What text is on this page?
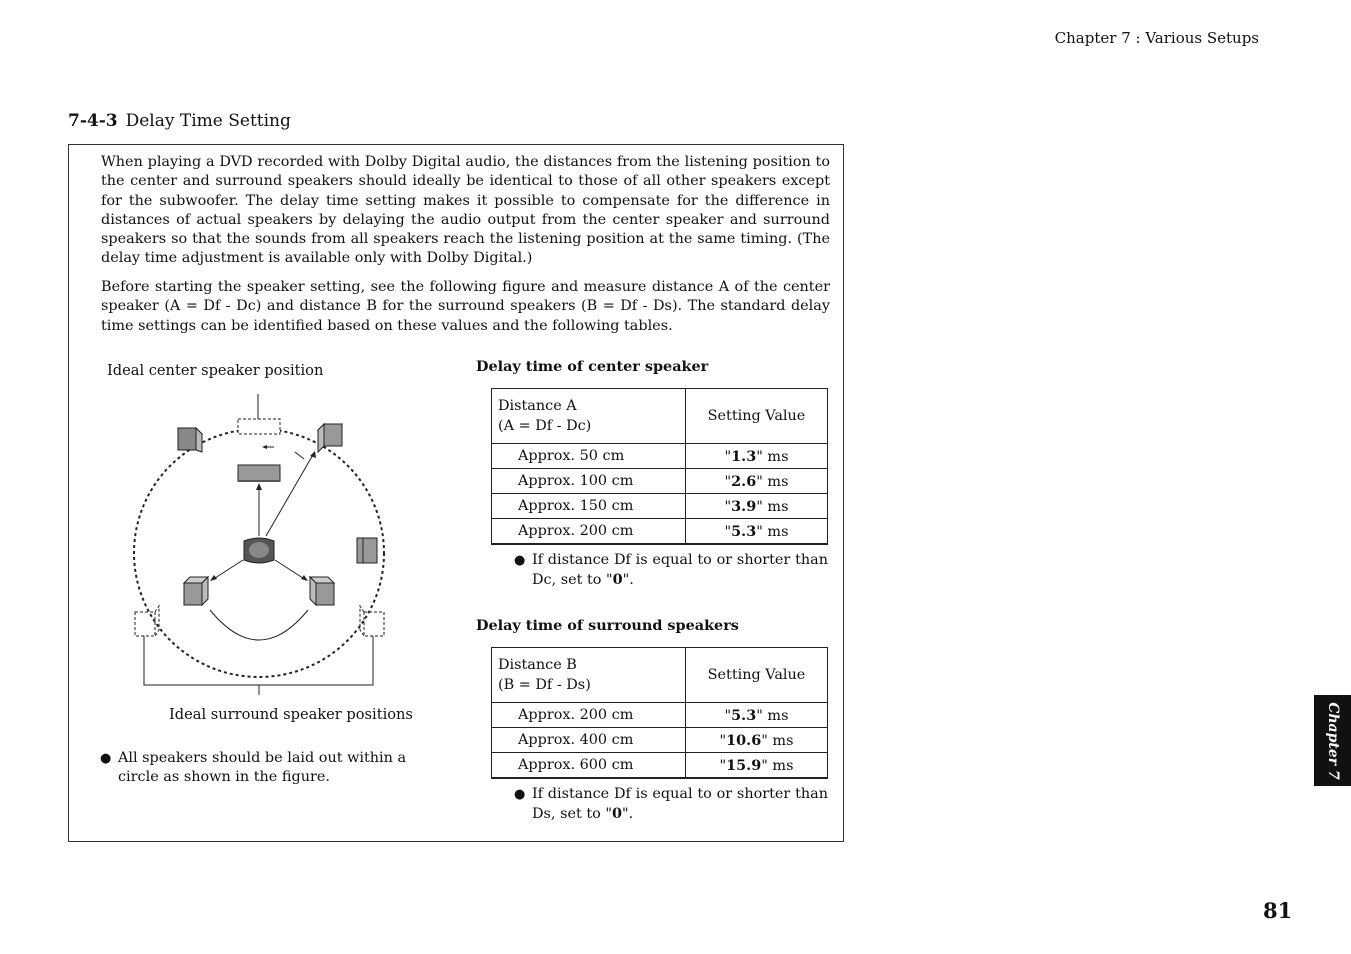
Chapter 7 : Various Setups
7-4-3 Delay Time Setting

When playing a DVD recorded with Dolby Digital audio, the distances from the listening position to the center and surround speakers should ideally be identical to those of all other speakers except for the subwoofer. The delay time setting makes it possible to compensate for the difference in distances of actual speakers by delaying the audio output from the center speaker and surround speakers so that the sounds from all speakers reach the listening position at the same timing. (The delay time adjustment is available only with Dolby Digital.)

Before starting the speaker setting, see the following figure and measure distance A of the center speaker (A = Df - Dc) and distance B for the surround speakers (B = Df - Ds). The standard delay time settings can be identified based on these values and the following tables.

Ideal center speaker position
Ideal surround speaker positions
● All speakers should be laid out within a circle as shown in the figure.
Delay time of center speaker
Distance A
(A = Df - Dc)	Setting Value
Approx. 50 cm	"1.3" ms
Approx. 100 cm	"2.6" ms
Approx. 150 cm	"3.9" ms
Approx. 200 cm	"5.3" ms
● If distance Df is equal to or shorter than Dc, set to "0".
Delay time of surround speakers
Distance B
(B = Df - Ds)	Setting Value
Approx. 200 cm	"5.3" ms
Approx. 400 cm	"10.6" ms
Approx. 600 cm	"15.9" ms
● If distance Df is equal to or shorter than Ds, set to "0".
Chapter 7
81
